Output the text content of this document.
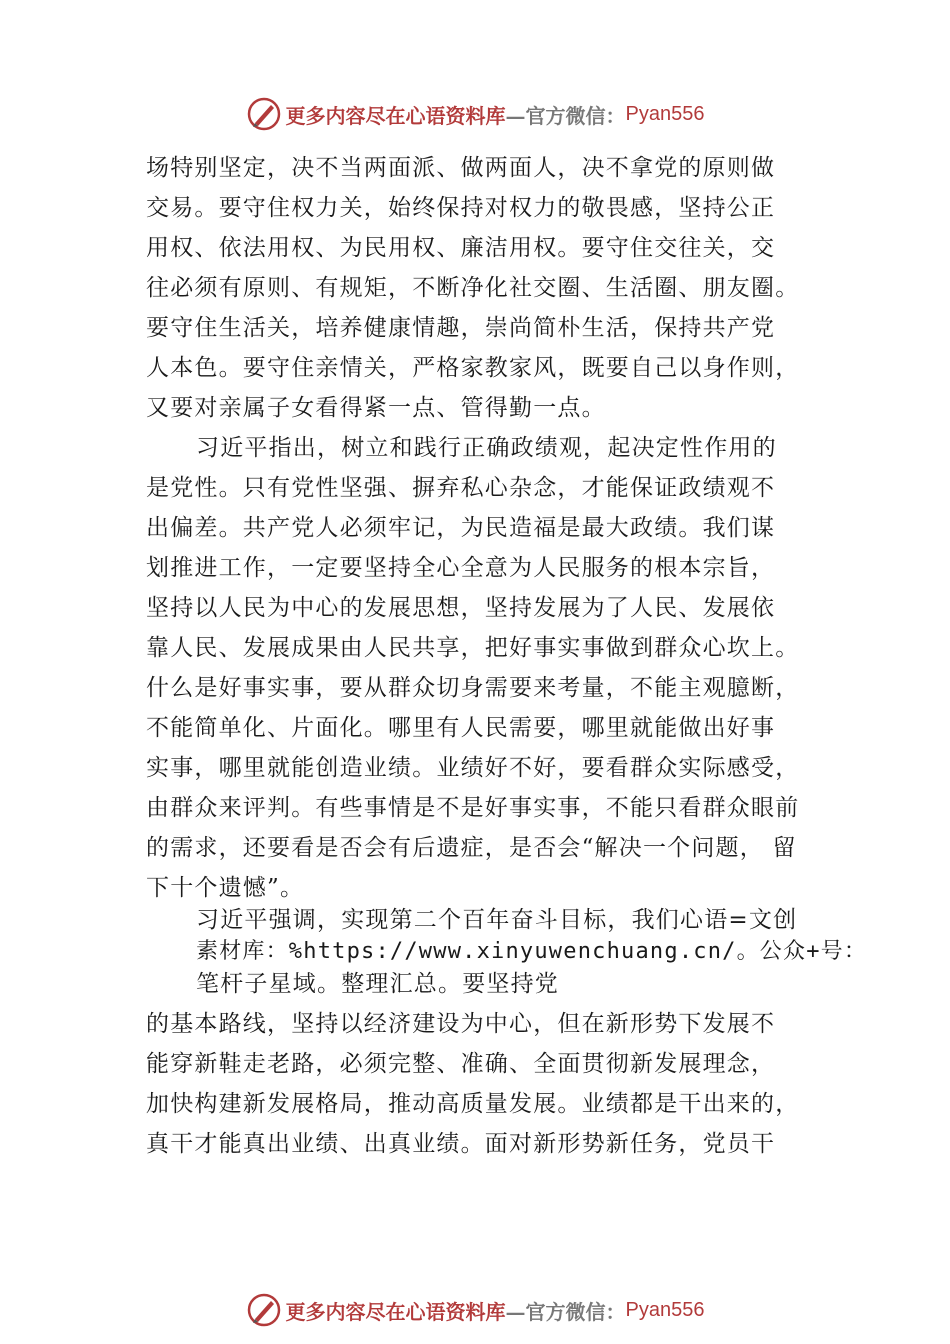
更多内容尽在心语资料库 —官方微信： Pyan556
场特别坚定，决不当两面派、做两面人，决不拿党的原则做
交易。要守住权力关，始终保持对权力的敬畏感，坚持公正
用权、依法用权、为民用权、廉洁用权。要守住交往关，交
往必须有原则、有规矩，不断净化社交圈、生活圈、朋友圈。
要守住生活关，培养健康情趣，崇尚简朴生活，保持共产党
人本色。要守住亲情关，严格家教家风，既要自己以身作则，
又要对亲属子女看得紧一点、管得勤一点。
习近平指出，树立和践行正确政绩观，起决定性作用的
是党性。只有党性坚强、摒弃私心杂念，才能保证政绩观不
出偏差。共产党人必须牢记，为民造福是最大政绩。我们谋
划推进工作，一定要坚持全心全意为人民服务的根本宗旨，
坚持以人民为中心的发展思想，坚持发展为了人民、发展依
靠人民、发展成果由人民共享，把好事实事做到群众心坎上。
什么是好事实事，要从群众切身需要来考量，不能主观臆断，
不能简单化、片面化。哪里有人民需要，哪里就能做出好事
实事，哪里就能创造业绩。业绩好不好，要看群众实际感受，
由群众来评判。有些事情是不是好事实事，不能只看群众眼前
的需求，还要看是否会有后遗症，是否会“解决一个问题， 留
下十个遗憾”。
习近平强调，实现第二个百年奋斗目标，我们心语=文创
素材库：%https://www.xinyuwenchuang.cn/。公众+号：
笔杆子星域。整理汇总。要坚持党
的基本路线，坚持以经济建设为中心，但在新形势下发展不
能穿新鞋走老路，必须完整、准确、全面贯彻新发展理念，
加快构建新发展格局，推动高质量发展。业绩都是干出来的，
真干才能真出业绩、出真业绩。面对新形势新任务，党员干
更多内容尽在心语资料库 —官方微信： Pyan556
